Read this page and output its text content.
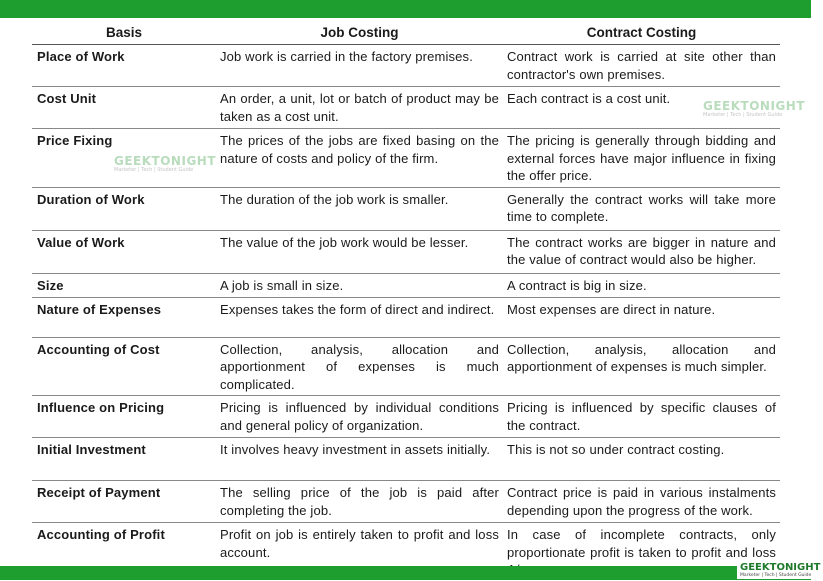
Basis	Job Costing	Contract Costing
Place of Work	Job work is carried in the factory premises.	Contract work is carried at site other than contractor's own premises.
Cost Unit	An order, a unit, lot or batch of product may be taken as a cost unit.	Each contract is a cost unit.
Price Fixing	The prices of the jobs are fixed basing on the nature of costs and policy of the firm.	The pricing is generally through bidding and external forces have major influence in fixing the offer price.
Duration of Work	The duration of the job work is smaller.	Generally the contract works will take more time to complete.
Value of Work	The value of the job work would be lesser.	The contract works are bigger in nature and the value of contract would also be higher.
Size	A job is small in size.	A contract is big in size.
Nature of Expenses	Expenses takes the form of direct and indirect.	Most expenses are direct in nature.
Accounting of Cost	Collection, analysis, allocation and apportionment of expenses is much complicated.	Collection, analysis, allocation and apportionment of expenses is much simpler.
Influence on Pricing	Pricing is influenced by individual conditions and general policy of organization.	Pricing is influenced by specific clauses of the contract.
Initial Investment	It involves heavy investment in assets initially.	This is not so under contract costing.
Receipt of Payment	The selling price of the job is paid after completing the job.	Contract price is paid in various instalments depending upon the progress of the work.
Accounting of Profit	Profit on job is entirely taken to profit and loss account.	In case of incomplete contracts, only proportionate profit is taken to profit and loss
GEEKTONIGHT
Marketer | Tech | Student Guide
GEEKTONIGHT
Marketer | Tech | Student Guide
GEEKTONIGHT
Marketer | Tech | Student Guide
